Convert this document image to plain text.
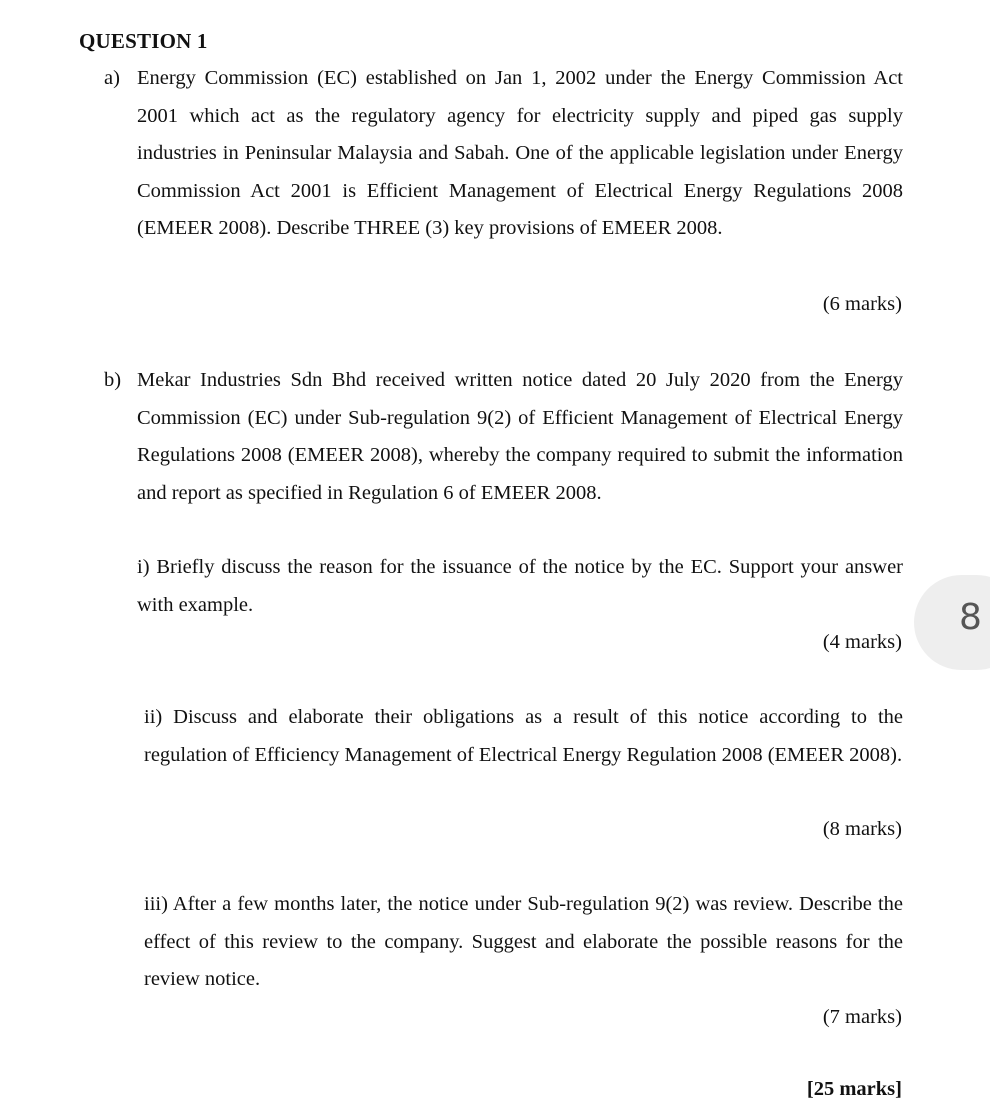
QUESTION 1
a) Energy Commission (EC) established on Jan 1, 2002 under the Energy Commission Act 2001 which act as the regulatory agency for electricity supply and piped gas supply industries in Peninsular Malaysia and Sabah. One of the applicable legislation under Energy Commission Act 2001 is Efficient Management of Electrical Energy Regulations 2008 (EMEER 2008). Describe THREE (3) key provisions of EMEER 2008.
(6 marks)
b) Mekar Industries Sdn Bhd received written notice dated 20 July 2020 from the Energy Commission (EC) under Sub-regulation 9(2) of Efficient Management of Electrical Energy Regulations 2008 (EMEER 2008), whereby the company required to submit the information and report as specified in Regulation 6 of EMEER 2008.
i) Briefly discuss the reason for the issuance of the notice by the EC. Support your answer with example.
(4 marks)
ii) Discuss and elaborate their obligations as a result of this notice according to the regulation of Efficiency Management of Electrical Energy Regulation 2008 (EMEER 2008).
(8 marks)
iii) After a few months later, the notice under Sub-regulation 9(2) was review. Describe the effect of this review to the company. Suggest and elaborate the possible reasons for the review notice.
(7 marks)
[25 marks]
8
